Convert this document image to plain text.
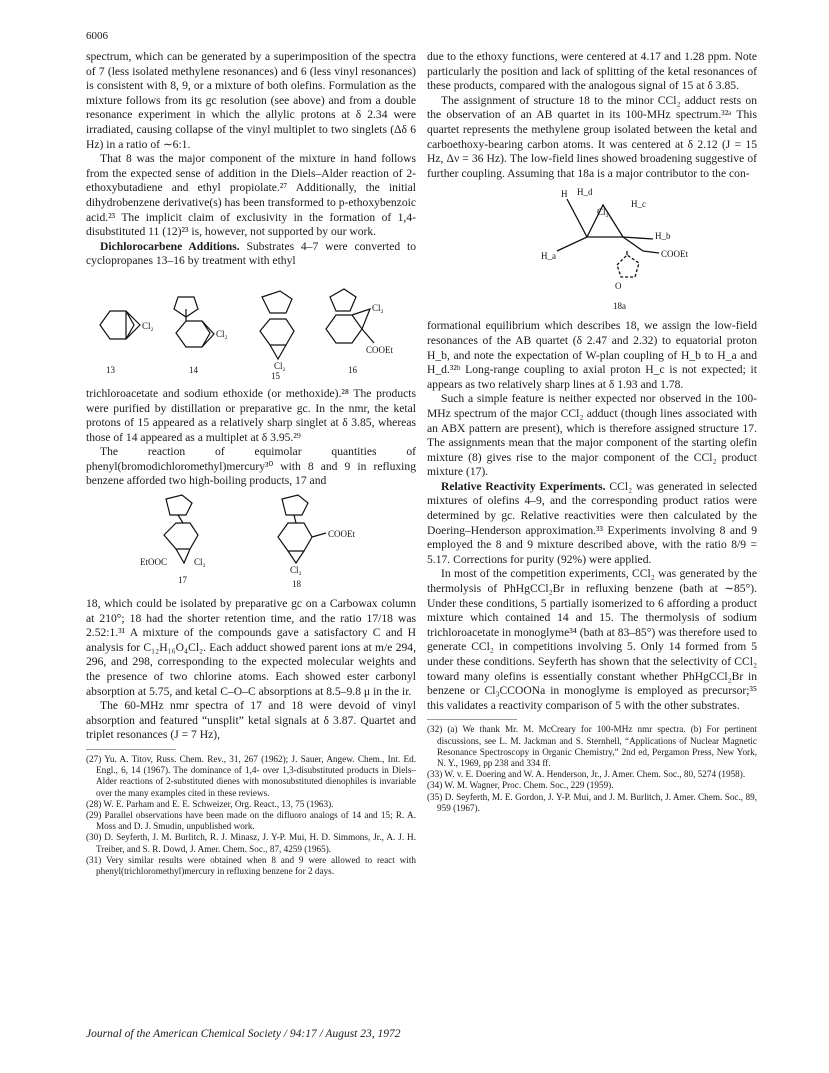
6006

spectrum, which can be generated by a superimposition of the spectra of 7 (less isolated methylene resonances) and 6 (less vinyl resonances) is consistent with 8, 9, or a mixture of both olefins. Formulation as the mixture follows from its gc resolution (see above) and from a double resonance experiment in which the allylic protons at δ 2.34 were irradiated, causing collapse of the vinyl multiplet to two singlets (Δδ 6 Hz) in a ratio of ∼6:1.

That 8 was the major component of the mixture in hand follows from the expected sense of addition in the Diels–Alder reaction of 2-ethoxybutadiene and ethyl propiolate.²⁷ Additionally, the initial dihydrobenzene derivative(s) has been transformed to p-ethoxybenzoic acid.²³ The implicit claim of exclusivity in the formation of 1,4-disubstituted 11 (12)²³ is, however, not supported by our work.

Dichlorocarbene Additions. Substrates 4–7 were converted to cyclopropanes 13–16 by treatment with ethyl

Cl₂
Cl₂
Cl₂
Cl₂
COOEt
13	14
15
16

trichloroacetate and sodium ethoxide (or methoxide).²⁸ The products were purified by distillation or preparative gc. In the nmr, the ketal protons of 15 appeared as a relatively sharp singlet at δ 3.85, whereas those of 14 appeared as a multiplet at δ 3.95.²⁹

The reaction of equimolar quantities of phenyl(bromodichloromethyl)mercury³⁰ with 8 and 9 in refluxing benzene afforded two high-boiling products, 17 and

EtOOC	Cl₂
COOEt
Cl₂
17	18

18, which could be isolated by preparative gc on a Carbowax column at 210°; 18 had the shorter retention time, and the ratio 17/18 was 2.52:1.³¹ A mixture of the compounds gave a satisfactory C and H analysis for C₁₂H₁₆O₄Cl₂. Each adduct showed parent ions at m/e 294, 296, and 298, corresponding to the expected molecular weights and the presence of two chlorine atoms. Each showed ester carbonyl absorption at 5.75, and ketal C–O–C absorptions at 8.5–9.8 μ in the ir.

The 60-MHz nmr spectra of 17 and 18 were devoid of vinyl absorption and featured “unsplit” ketal signals at δ 3.87. Quartet and triplet resonances (J = 7 Hz),

(27) Yu. A. Titov, Russ. Chem. Rev., 31, 267 (1962); J. Sauer, Angew. Chem., Int. Ed. Engl., 6, 14 (1967). The dominance of 1,4- over 1,3-disubstituted products in Diels–Alder reactions of 2-substituted dienes with monosubstituted dienophiles is invariable over the many examples cited in these reviews.

(28) W. E. Parham and E. E. Schweizer, Org. React., 13, 75 (1963).

(29) Parallel observations have been made on the difluoro analogs of 14 and 15; R. A. Moss and D. J. Smudin, unpublished work.

(30) D. Seyferth, J. M. Burlitch, R. J. Minasz, J. Y-P. Mui, H. D. Simmons, Jr., A. J. H. Treiber, and S. R. Dowd, J. Amer. Chem. Soc., 87, 4259 (1965).

(31) Very similar results were obtained when 8 and 9 were allowed to react with phenyl(trichloromethyl)mercury in refluxing benzene for 2 days.

due to the ethoxy functions, were centered at 4.17 and 1.28 ppm. Note particularly the position and lack of splitting of the ketal resonances of these products, compared with the analogous signal of 15 at δ 3.85.

The assignment of structure 18 to the minor CCl₂ adduct rests on the observation of an AB quartet in its 100-MHz spectrum.³²ᵃ This quartet represents the methylene group isolated between the ketal and carboethoxy-bearing carbon atoms. It was centered at δ 2.12 (J = 15 Hz, Δν = 36 Hz). The low-field lines showed broadening suggestive of further coupling. Assuming that 18a is a major contributor to the con-

H H_d
Cl₂
H_c
H_b
COOEt
H_a
O
18a

formational equilibrium which describes 18, we assign the low-field resonances of the AB quartet (δ 2.47 and 2.32) to equatorial proton H_b, and note the expectation of W-plan coupling of H_b to H_a and H_d.³²ᵇ Long-range coupling to axial proton H_c is not expected; it appears as two relatively sharp lines at δ 1.93 and 1.78.

Such a simple feature is neither expected nor observed in the 100-MHz spectrum of the major CCl₂ adduct (though lines associated with an ABX pattern are present), which is therefore assigned structure 17. The assignments mean that the major component of the starting olefin mixture (8) gives rise to the major component of the CCl₂ product mixture (17).

Relative Reactivity Experiments. CCl₂ was generated in selected mixtures of olefins 4–9, and the corresponding product ratios were determined by gc. Relative reactivities were then calculated by the Doering–Henderson approximation.³³ Experiments involving 8 and 9 employed the 8 and 9 mixture described above, with the ratio 8/9 = 5.17. Corrections for purity (92%) were applied.

In most of the competition experiments, CCl₂ was generated by the thermolysis of PhHgCCl₂Br in refluxing benzene (bath at ∼85°). Under these conditions, 5 partially isomerized to 6 affording a product mixture which contained 14 and 15. The thermolysis of sodium trichloroacetate in monoglyme³⁴ (bath at 83–85°) was therefore used to generate CCl₂ in competitions involving 5. Only 14 formed from 5 under these conditions. Seyferth has shown that the selectivity of CCl₂ toward many olefins is essentially constant whether PhHgCCl₂Br in benzene or Cl₃CCOONa in monoglyme is employed as precursor;³⁵ this validates a reactivity comparison of 5 with the other substrates.

(32) (a) We thank Mr. M. McCreary for 100-MHz nmr spectra. (b) For pertinent discussions, see L. M. Jackman and S. Sternhell, “Applications of Nuclear Magnetic Resonance Spectroscopy in Organic Chemistry,” 2nd ed, Pergamon Press, New York, N. Y., 1969, pp 238 and 334 ff.

(33) W. v. E. Doering and W. A. Henderson, Jr., J. Amer. Chem. Soc., 80, 5274 (1958).

(34) W. M. Wagner, Proc. Chem. Soc., 229 (1959).

(35) D. Seyferth, M. E. Gordon, J. Y-P. Mui, and J. M. Burlitch, J. Amer. Chem. Soc., 89, 959 (1967).

Journal of the American Chemical Society / 94:17 / August 23, 1972
